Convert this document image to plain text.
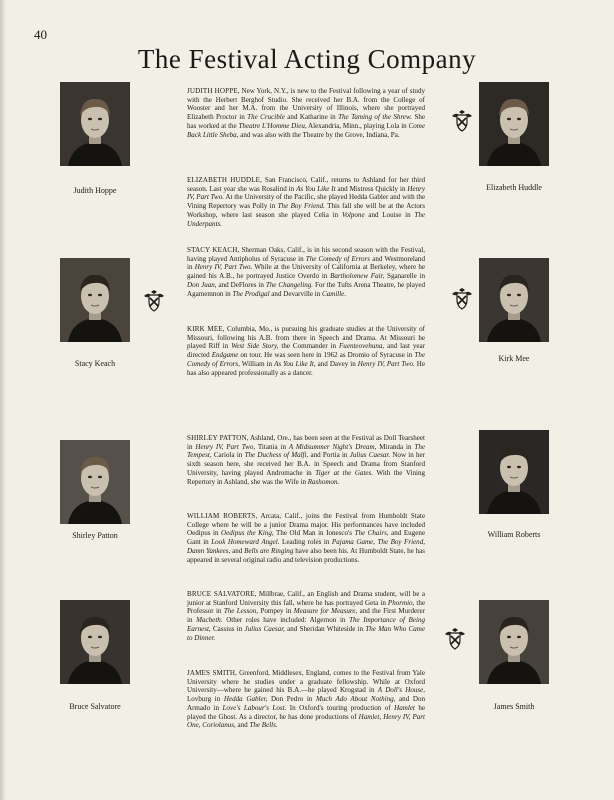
40
The Festival Acting Company
Judith Hoppe	Elizabeth Huddle
Stacy Keach
Kirk Mee
Shirley Patton	William Roberts
Bruce Salvatore	James Smith

JUDITH HOPPE, New York, N.Y., is new to the Festival following a year of study with the Herbert Berghof Studio. She received her B.A. from the College of Wooster and her M.A. from the University of Illinois, where she portrayed Elizabeth Proctor in The Crucible and Katharine in The Taming of the Shrew. She has worked at the Theatre L'Homme Dieu, Alexandria, Minn., playing Lola in Come Back Little Sheba, and was also with the Theatre by the Grove, Indiana, Pa.

ELIZABETH HUDDLE, San Francisco, Calif., returns to Ashland for her third season. Last year she was Rosalind in As You Like It and Mistress Quickly in Henry IV, Part Two. At the University of the Pacific, she played Hedda Gabler and with the Vining Repertory was Polly in The Boy Friend. This fall she will be at the Actors Workshop, where last season she played Celia in Volpone and Louise in The Underpants.

STACY KEACH, Sherman Oaks, Calif., is in his second season with the Festival, having played Antipholus of Syracuse in The Comedy of Errors and Westmoreland in Henry IV, Part Two. While at the University of California at Berkeley, where he gained his A.B., he portrayed Justice Overdo in Bartholomew Fair, Sganarelle in Don Juan, and DeFlores in The Changeling. For the Tufts Arena Theatre, he played Agamemnon in The Prodigal and Devarville in Camille.

KIRK MEE, Columbia, Mo., is pursuing his graduate studies at the University of Missouri, following his A.B. from there in Speech and Drama. At Missouri he played Riff in West Side Story, the Commander in Fuenteovehuna, and last year directed Endgame on tour. He was seen here in 1962 as Dromio of Syracuse in The Comedy of Errors, William in As You Like It, and Davey in Henry IV, Part Two. He has also appeared professionally as a dancer.

SHIRLEY PATTON, Ashland, Ore., has been seen at the Festival as Doll Tearsheet in Henry IV, Part Two, Titania in A Midsummer Night's Dream, Miranda in The Tempest, Cariola in The Duchess of Malfi, and Portia in Julius Caesar. Now in her sixth season here, she received her B.A. in Speech and Drama from Stanford University, having played Andromache in Tiger at the Gates. With the Vining Repertory in Ashland, she was the Wife in Rashomon.

WILLIAM ROBERTS, Arcata, Calif., joins the Festival from Humboldt State College where he will be a junior Drama major. His performances have included Oedipus in Oedipus the King, The Old Man in Ionesco's The Chairs, and Eugene Gant in Look Homeward Angel. Leading roles in Pajama Game, The Boy Friend, Damn Yankees, and Bells are Ringing have also been his. At Humboldt State, he has appeared in several original radio and television productions.

BRUCE SALVATORE, Millbrae, Calif., an English and Drama student, will be a junior at Stanford University this fall, where he has portrayed Geta in Phormio, the Professor in The Lesson, Pompey in Measure for Measure, and the First Murderer in Macbeth. Other roles have included: Algernon in The Importance of Being Earnest, Cassius in Julius Caesar, and Sheridan Whiteside in The Man Who Came to Dinner.

JAMES SMITH, Greenford, Middlesex, England, comes to the Festival from Yale University where he studies under a graduate fellowship. While at Oxford University—where he gained his B.A.—he played Krogstad in A Doll's House, Lovburg in Hedda Gabler, Don Pedro in Much Ado About Nothing, and Don Armado in Love's Labour's Lost. In Oxford's touring production of Hamlet he played the Ghost. As a director, he has done productions of Hamlet, Henry IV, Part One, Coriolanus, and The Bells.
